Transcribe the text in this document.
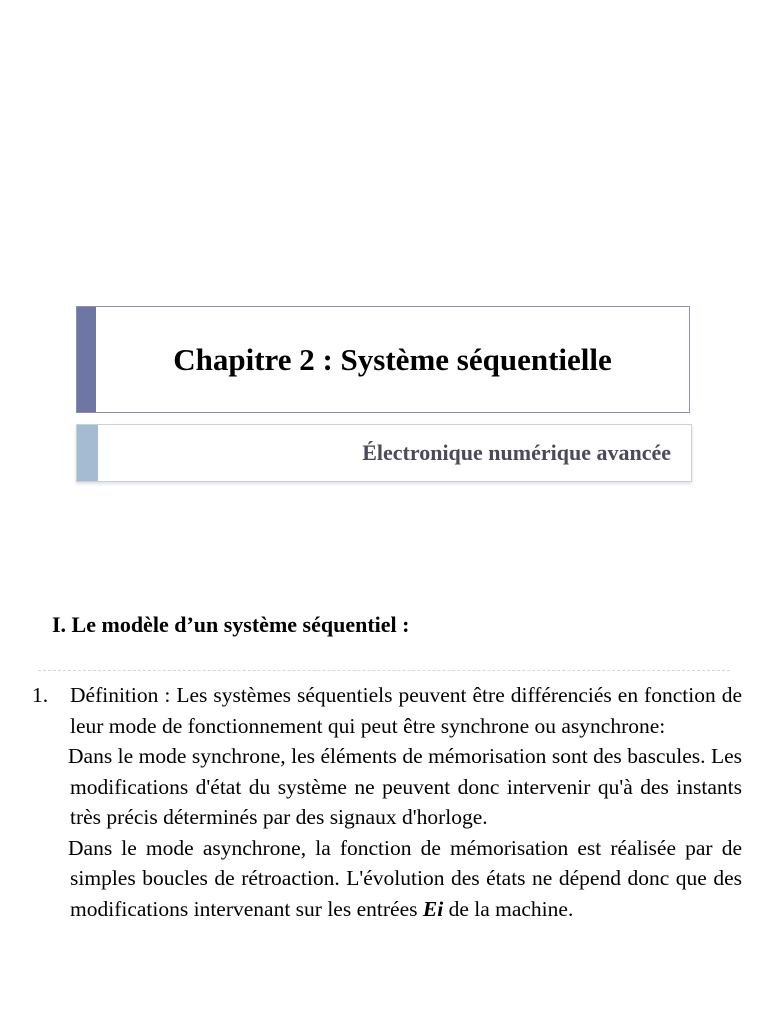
Chapitre 2 : Système séquentielle
Électronique numérique avancée
I. Le modèle d’un système séquentiel :
1. Définition : Les systèmes séquentiels peuvent être différenciés en fonction de leur mode de fonctionnement qui peut être synchrone ou asynchrone:

Dans le mode synchrone, les éléments de mémorisation sont des bascules. Les modifications d'état du système ne peuvent donc intervenir qu'à des instants très précis déterminés par des signaux d'horloge.

Dans le mode asynchrone, la fonction de mémorisation est réalisée par de simples boucles de rétroaction. L'évolution des états ne dépend donc que des modifications intervenant sur les entrées Ei de la machine.
